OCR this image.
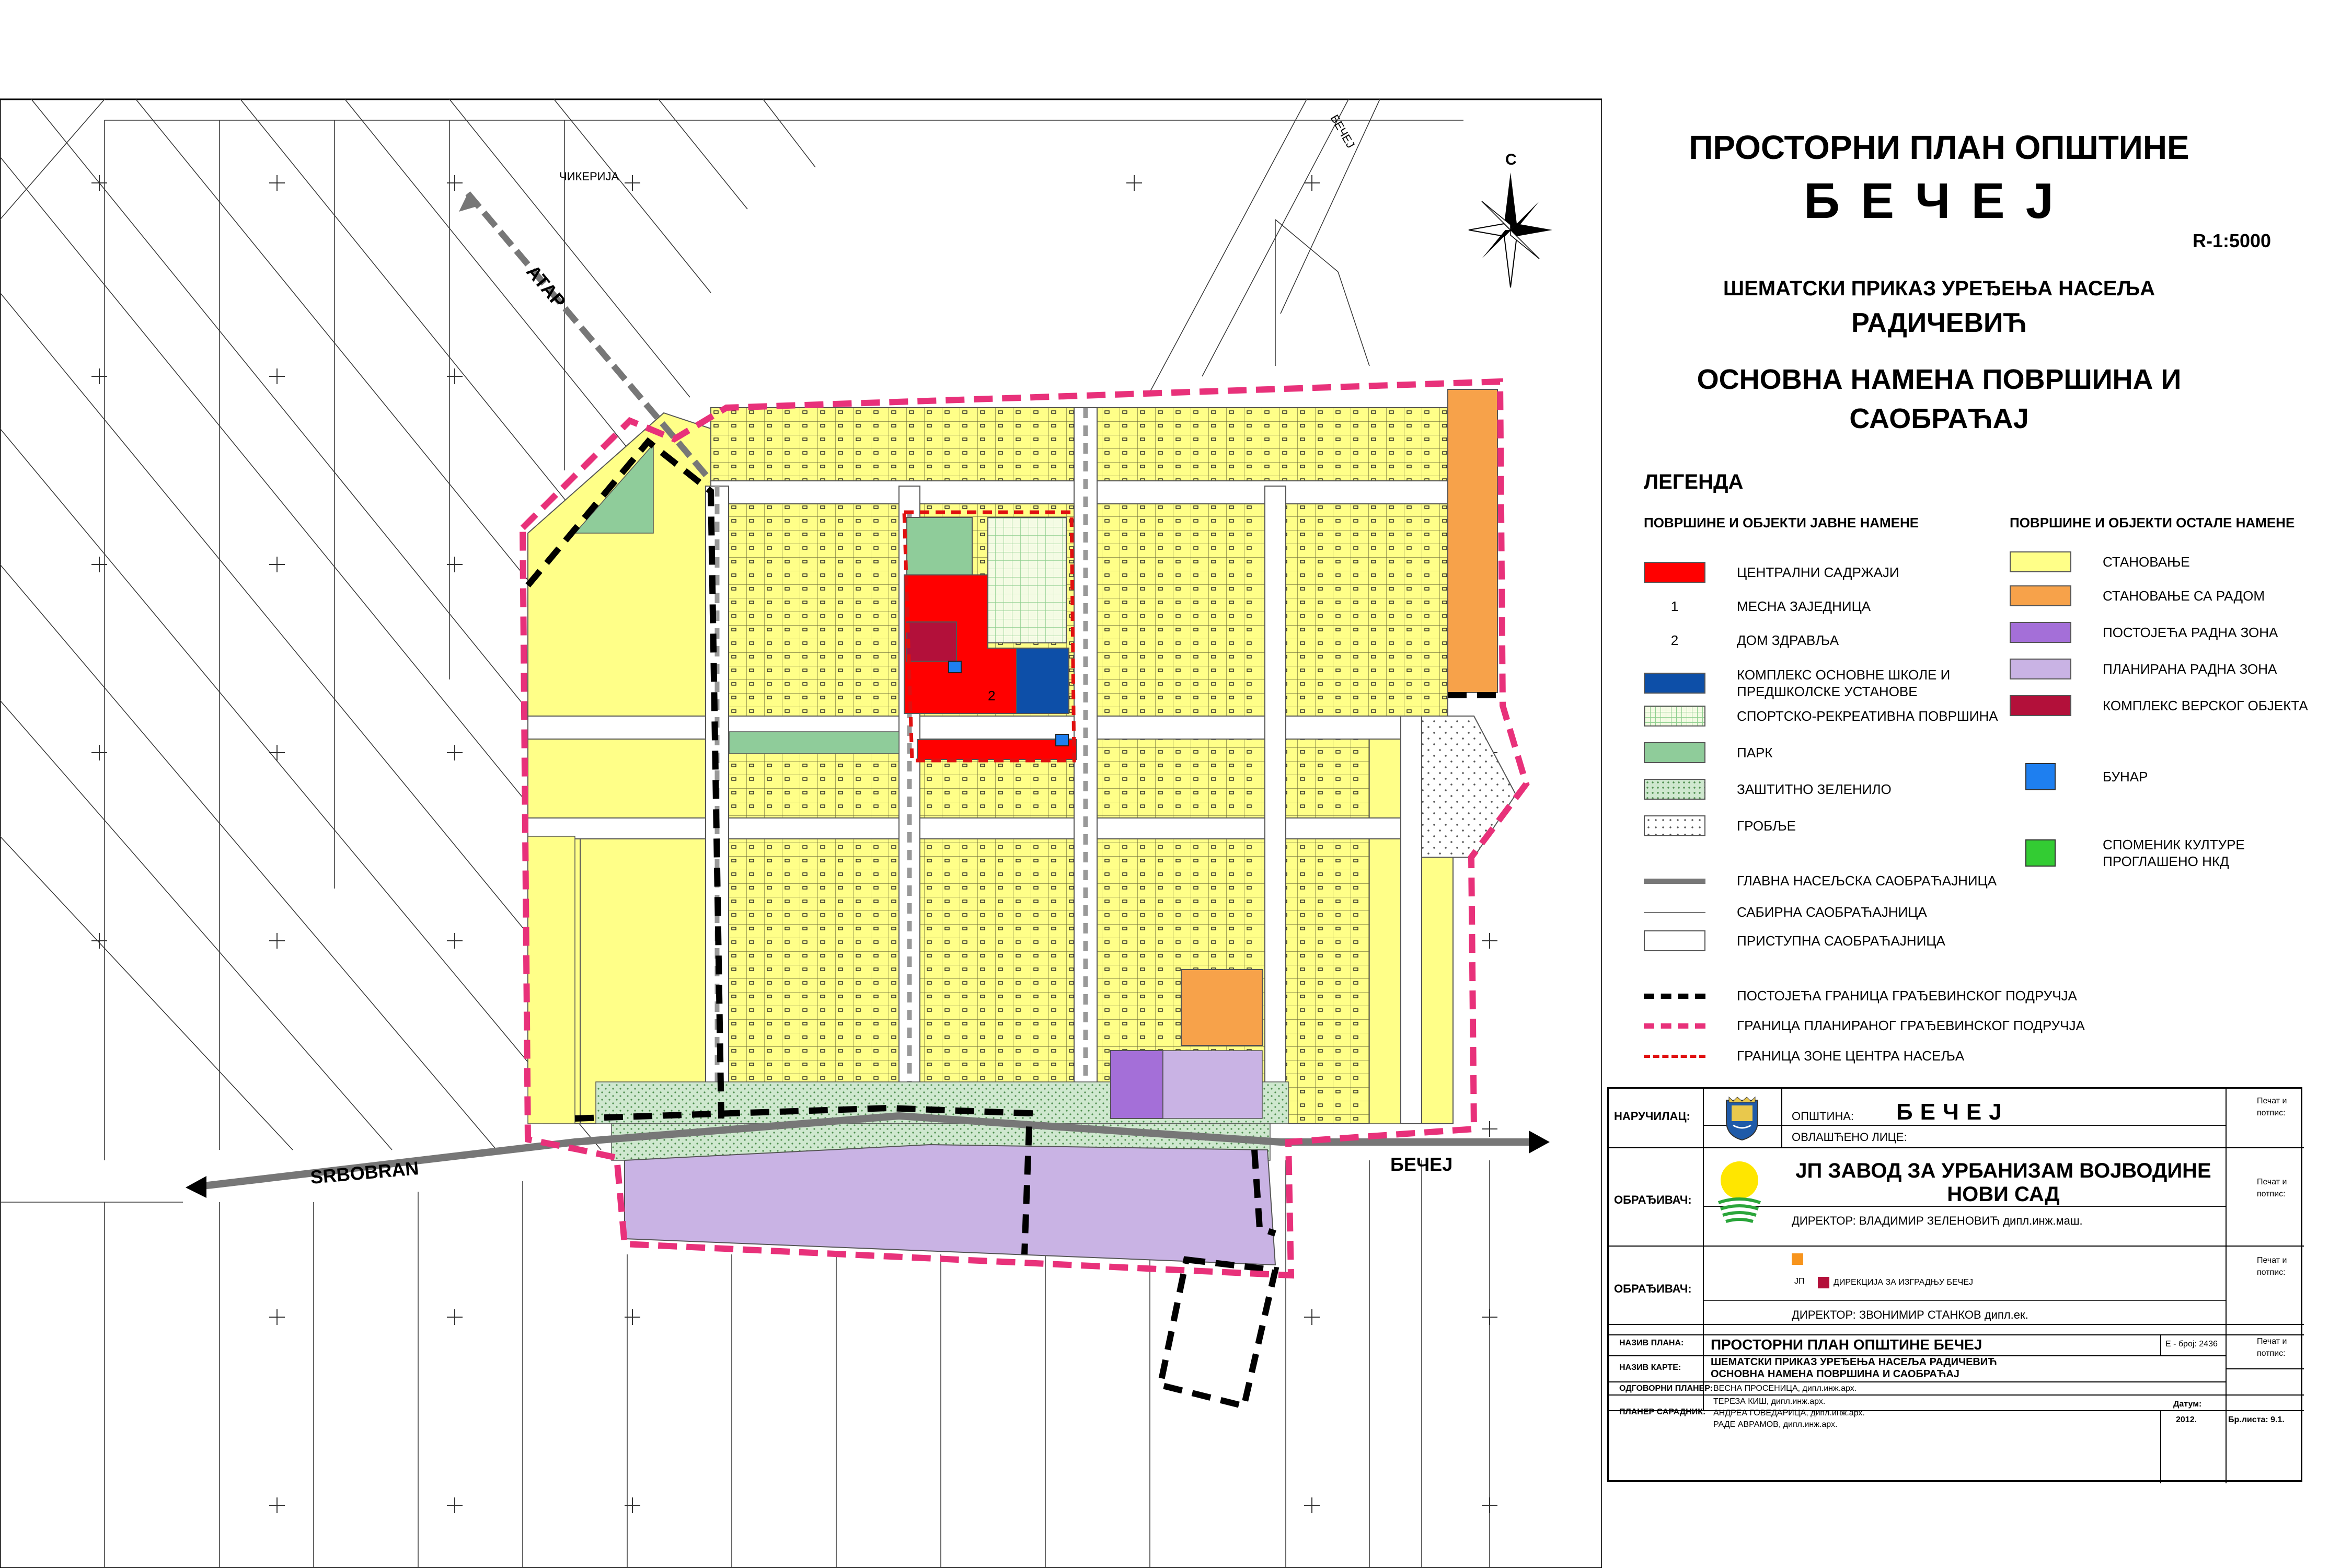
2
АТАР
SRBOBRAN	БЕЧЕЈ
ЧИКЕРИЈА
БЕЧЕЈ
С	ПРОСТОРНИ ПЛАН ОПШТИНЕ
БЕЧЕЈ
R-1:5000
ШЕМАТСКИ ПРИКАЗ УРЕЂЕЊА НАСЕЉА
РАДИЧЕВИЋ
ОСНОВНА НАМЕНА ПОВРШИНА И
САОБРАЋАЈ
ЛЕГЕНДА
ПОВРШИНЕ И ОБЈЕКТИ ЈАВНЕ НАМЕНЕ	ПОВРШИНЕ И ОБЈЕКТИ ОСТАЛЕ НАМЕНЕ
ЦЕНТРАЛНИ САДРЖАЈИ
1	МЕСНА ЗАЈЕДНИЦА
2	ДОМ ЗДРАВЉА
КОМПЛЕКС ОСНОВНЕ ШКОЛЕ И
ПРЕДШКОЛСКЕ УСТАНОВЕ
СПОРТСКО-РЕКРЕАТИВНА ПОВРШИНА
ПАРК
ЗАШТИТНО ЗЕЛЕНИЛО
ГРОБЉЕ
СТАНОВАЊЕ
СТАНОВАЊЕ СА РАДОМ
ПОСТОЈЕЋА РАДНА ЗОНА
ПЛАНИРАНА РАДНА ЗОНА
КОМПЛЕКС ВЕРСКОГ ОБЈЕКТА
БУНАР
СПОМЕНИК КУЛТУРЕ
ПРОГЛАШЕНО НКД
ГЛАВНА НАСЕЉСКА САОБРАЋАЈНИЦА
САБИРНА САОБРАЋАЈНИЦА
ПРИСТУПНА САОБРАЋАЈНИЦА
ПОСТОЈЕЋА ГРАНИЦА ГРАЂЕВИНСКОГ ПОДРУЧЈА
ГРАНИЦА ПЛАНИРАНОГ ГРАЂЕВИНСКОГ ПОДРУЧЈА
ГРАНИЦА ЗОНЕ ЦЕНТРА НАСЕЉА
НАРУЧИЛАЦ:	ОПШТИНА: БЕЧЕЈ
ОВЛАШЋЕНО ЛИЦЕ:
Печат и
потпис:
ОБРАЂИВАЧ:
ЈП ЗАВОД ЗА УРБАНИЗАМ ВОЈВОДИНЕ
НОВИ САД
ДИРЕКТОР: ВЛАДИМИР ЗЕЛЕНОВИЋ дипл.инж.маш.
Печат и
потпис:
ОБРАЂИВАЧ:
ЈП	ДИРЕКЦИЈА ЗА ИЗГРАДЊУ БЕЧЕЈ
ДИРЕКТОР: ЗВОНИМИР СТАНКОВ дипл.ек.
Печат и
потпис:
НАЗИВ ПЛАНА: ПРОСТОРНИ ПЛАН ОПШТИНЕ БЕЧЕЈ	Е - број: 2436	Печат и
потпис:
НАЗИВ КАРТЕ:	ШЕМАТСКИ ПРИКАЗ УРЕЂЕЊА НАСЕЉА РАДИЧЕВИЋ
ОСНОВНА НАМЕНА ПОВРШИНА И САОБРАЋАЈ
ОДГОВОРНИ ПЛАНЕР: ВЕСНА ПРОСЕНИЦА, дипл.инж.арх.
ПЛАНЕР САРАДНИК:
ТЕРЕЗА КИШ, дипл.инж.арх.
АНДРЕА ГОВЕДАРИЦА, дипл.инж.арх.
РАДЕ АВРАМОВ, дипл.инж.арх.
Датум:
2012.	Бр.листа: 9.1.
